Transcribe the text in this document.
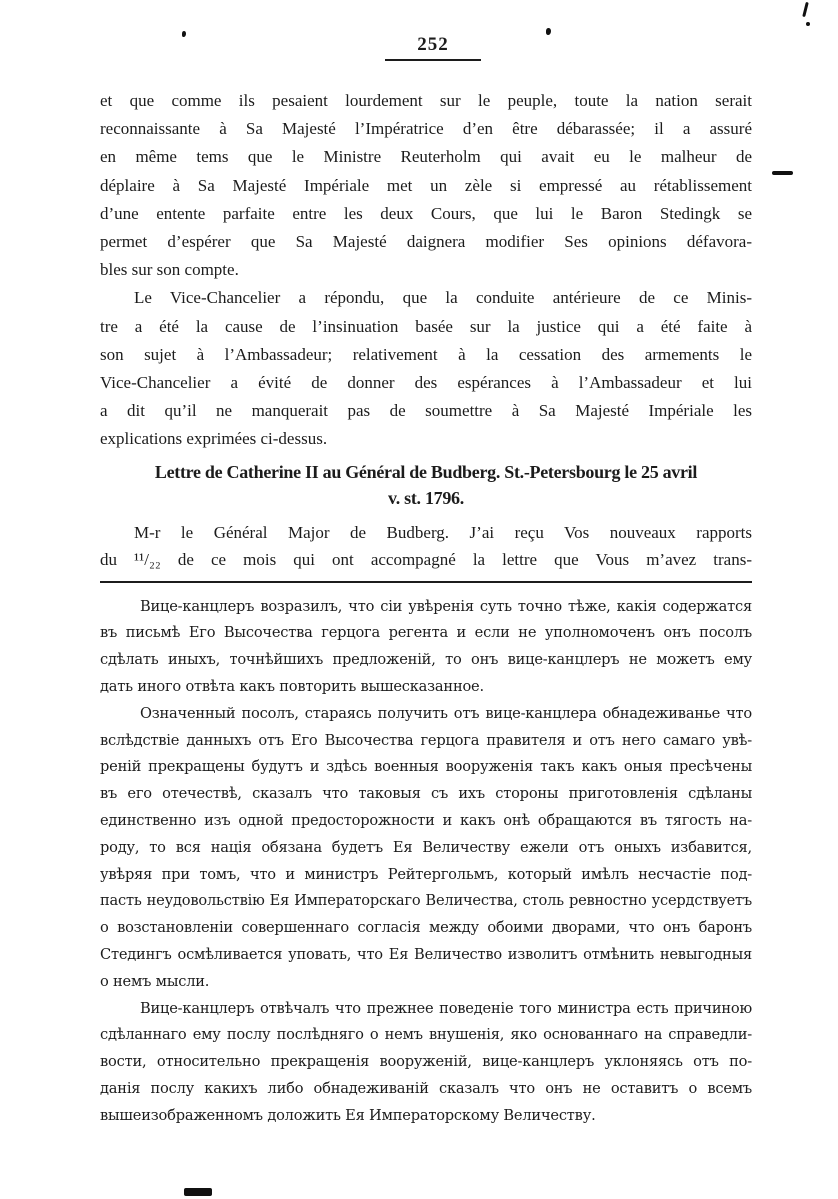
252
et que comme ils pesaient lourdement sur le peuple, toute la nation serait
reconnaissante à Sa Majesté l’Impératrice d’en être débarassée; il a assuré
en même tems que le Ministre Reuterholm qui avait eu le malheur de
déplaire à Sa Majesté Impériale met un zèle si empressé au rétablissement
d’une entente parfaite entre les deux Cours, que lui le Baron Stedingk se
permet d’espérer que Sa Majesté daignera modifier Ses opinions défavora-
bles sur son compte.
Le Vice-Chancelier a répondu, que la conduite antérieure de ce Minis-
tre a été la cause de l’insinuation basée sur la justice qui a été faite à
son sujet à l’Ambassadeur; relativement à la cessation des armements le
Vice-Chancelier a évité de donner des espérances à l’Ambassadeur et lui
a dit qu’il ne manquerait pas de soumettre à Sa Majesté Impériale les
explications exprimées ci-dessus.
Lettre de Catherine II au Général de Budberg. St.-Petersbourg le 25 avril
v. st. 1796.
M-r le Général Major de Budberg. J’ai reçu Vos nouveaux rapports
du ¹¹/₂₂ de ce mois qui ont accompagné la lettre que Vous m’avez trans-
Вице-канцлеръ возразилъ, что сіи увѣренія суть точно тѣже, какія содержатся
въ письмѣ Его Высочества герцога регента и если не уполномоченъ онъ посолъ
сдѣлать иныхъ, точнѣйшихъ предложеній, то онъ вице-канцлеръ не можетъ ему
дать иного отвѣта какъ повторить вышесказанное.
Означенный посолъ, стараясь получить отъ вице-канцлера обнадеживанье что
вслѣдствіе данныхъ отъ Его Высочества герцога правителя и отъ него самаго увѣ-
реній прекращены будутъ и здѣсь военныя вооруженія такъ какъ оныя пресѣчены
въ его отечествѣ, сказалъ что таковыя съ ихъ стороны приготовленія сдѣланы
единственно изъ одной предосторожности и какъ онѣ обращаются въ тягость на-
роду, то вся нація обязана будетъ Ея Величеству ежели отъ оныхъ избавится,
увѣряя при томъ, что и министръ Рейтергольмъ, который имѣлъ несчастіе под-
пасть неудовольствію Ея Императорскаго Величества, столь ревностно усердствуетъ
о возстановленіи совершеннаго согласія между обоими дворами, что онъ баронъ
Стедингъ осмѣливается уповать, что Ея Величество изволитъ отмѣнить невыгодныя
о немъ мысли.
Вице-канцлеръ отвѣчалъ что прежнее поведеніе того министра есть причиною
сдѣланнаго ему послу послѣдняго о немъ внушенія, яко основаннаго на справедли-
вости, относительно прекращенія вооруженій, вице-канцлеръ уклоняясь отъ по-
данія послу какихъ либо обнадеживаній сказалъ что онъ не оставитъ о всемъ
вышеизображенномъ доложить Ея Императорскому Величеству.
